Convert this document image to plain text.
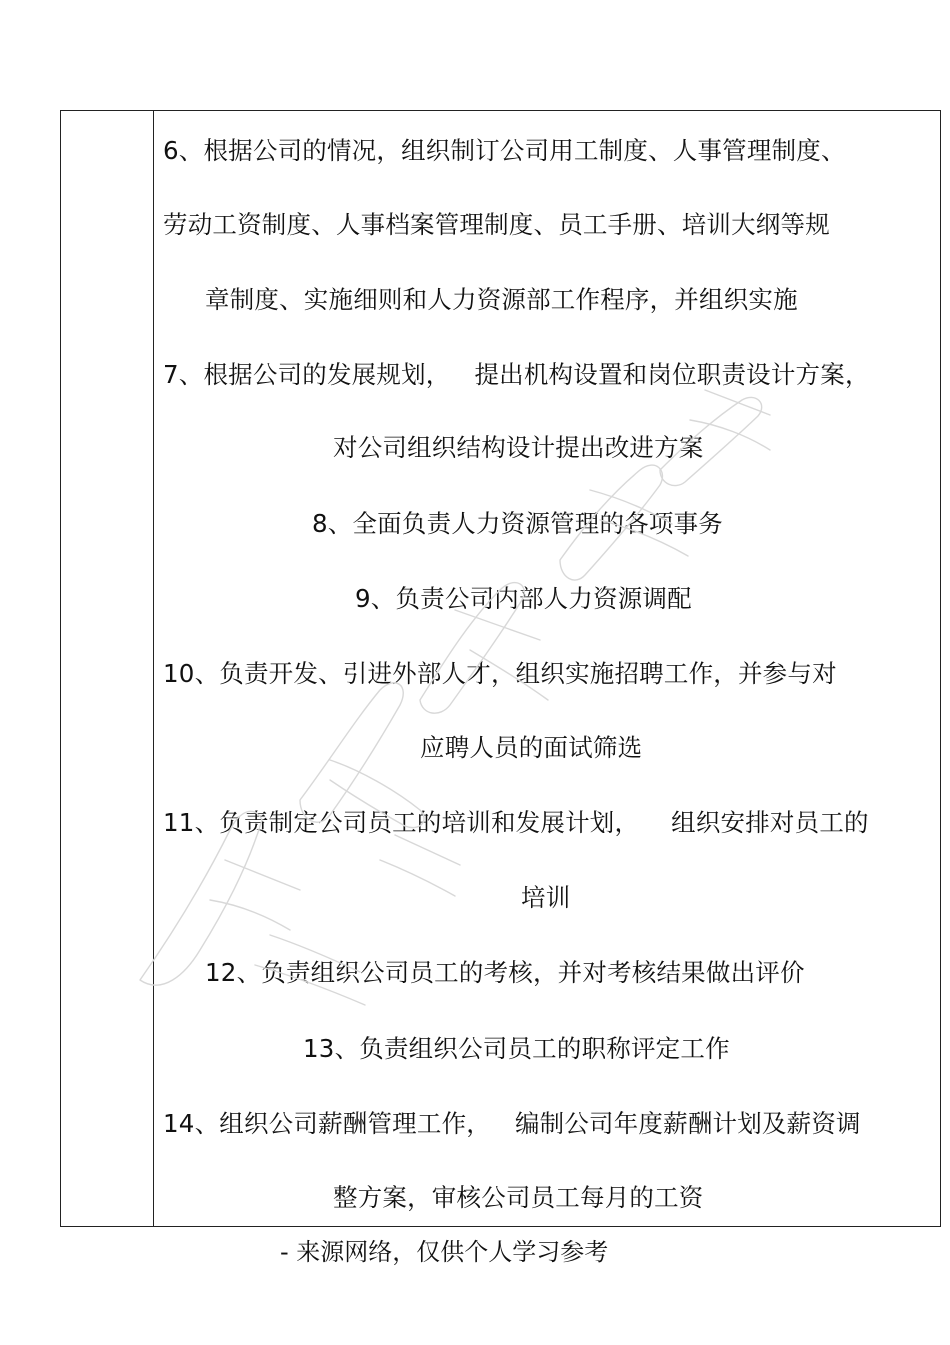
6、根据公司的情况，组织制订公司用工制度、人事管理制度、
劳动工资制度、人事档案管理制度、员工手册、培训大纲等规
章制度、实施细则和人力资源部工作程序，并组织实施
7、根据公司的发展规划，   提出机构设置和岗位职责设计方案，
对公司组织结构设计提出改进方案
8、全面负责人力资源管理的各项事务
9、负责公司内部人力资源调配
10、负责开发、引进外部人才，组织实施招聘工作，并参与对
应聘人员的面试筛选
11、负责制定公司员工的培训和发展计划，    组织安排对员工的
培训
12、负责组织公司员工的考核，并对考核结果做出评价
13、负责组织公司员工的职称评定工作
14、组织公司薪酬管理工作，   编制公司年度薪酬计划及薪资调
整方案，审核公司员工每月的工资
- 来源网络，仅供个人学习参考
